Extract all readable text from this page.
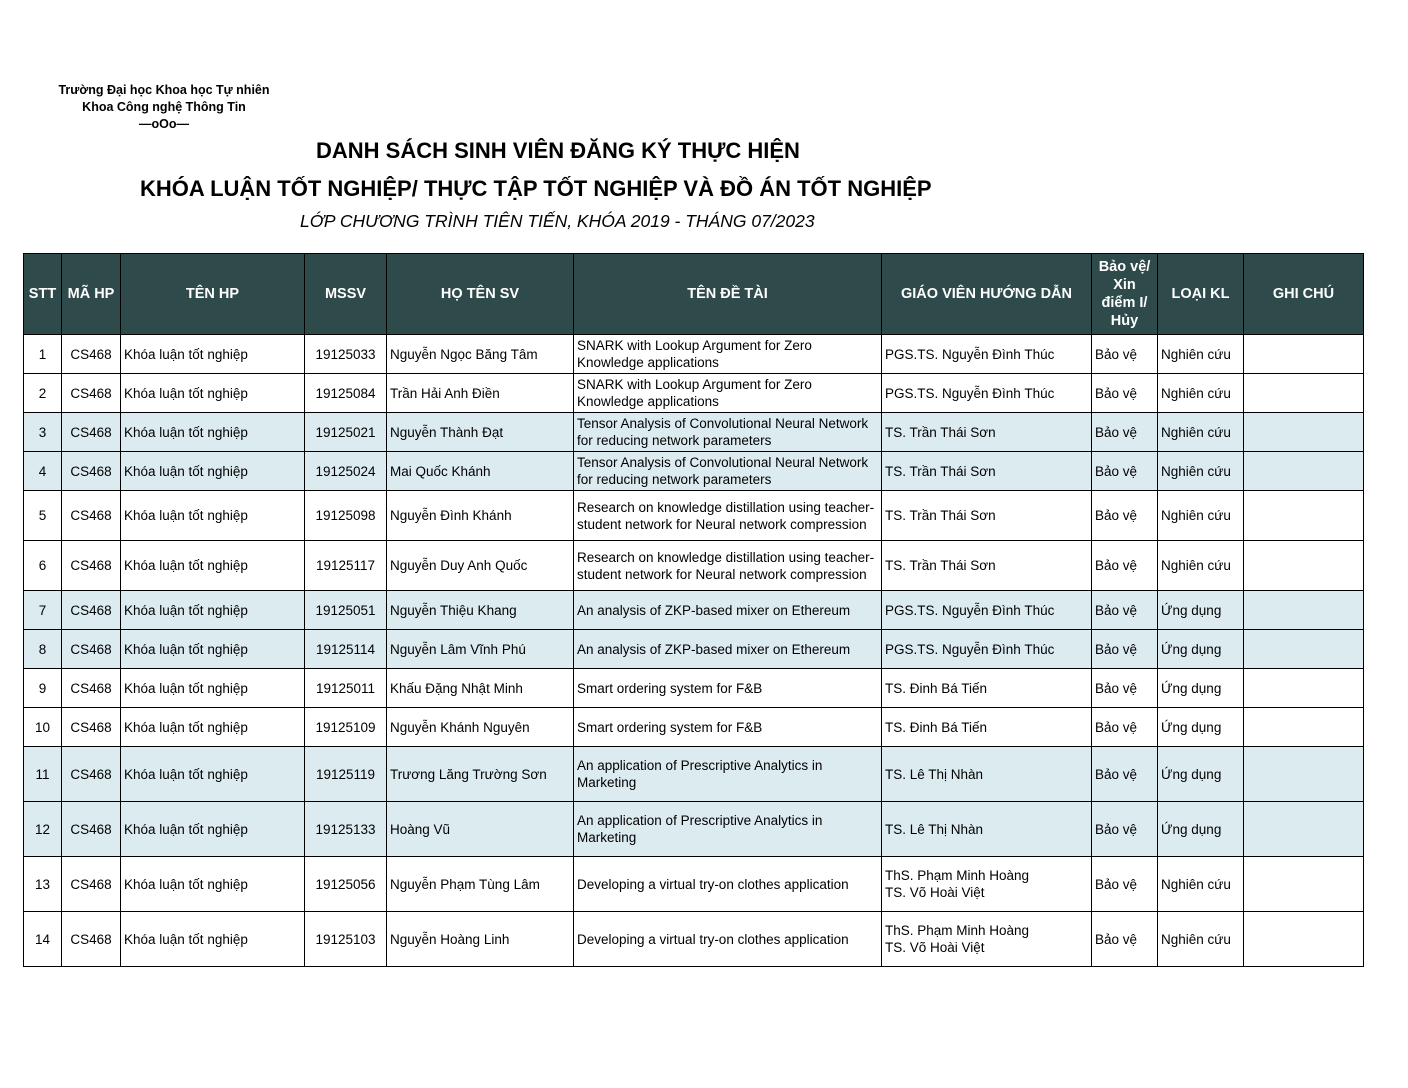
Trường Đại học Khoa học Tự nhiên
Khoa Công nghệ Thông Tin
—oOo—
DANH SÁCH SINH VIÊN ĐĂNG KÝ THỰC HIỆN
KHÓA LUẬN TỐT NGHIỆP/ THỰC TẬP TỐT NGHIỆP VÀ ĐỒ ÁN TỐT NGHIỆP
LỚP CHƯƠNG TRÌNH TIÊN TIẾN, KHÓA 2019 - THÁNG 07/2023
STT	MÃ HP	TÊN HP	MSSV	HỌ TÊN SV	TÊN ĐỀ TÀI	GIÁO VIÊN HƯỚNG DẪN	Bảo vệ/ Xin điểm I/ Hủy	LOẠI KL	GHI CHÚ
1	CS468	Khóa luận tốt nghiệp	19125033	Nguyễn Ngọc Băng Tâm	SNARK with Lookup Argument for Zero Knowledge applications	PGS.TS. Nguyễn Đình Thúc	Bảo vệ	Nghiên cứu	
2	CS468	Khóa luận tốt nghiệp	19125084	Trần Hải Anh Điền	SNARK with Lookup Argument for Zero Knowledge applications	PGS.TS. Nguyễn Đình Thúc	Bảo vệ	Nghiên cứu	
3	CS468	Khóa luận tốt nghiệp	19125021	Nguyễn Thành Đạt	Tensor Analysis of Convolutional Neural Network for reducing network parameters	TS. Trần Thái Sơn	Bảo vệ	Nghiên cứu	
4	CS468	Khóa luận tốt nghiệp	19125024	Mai Quốc Khánh	Tensor Analysis of Convolutional Neural Network for reducing network parameters	TS. Trần Thái Sơn	Bảo vệ	Nghiên cứu	
5	CS468	Khóa luận tốt nghiệp	19125098	Nguyễn Đình Khánh	Research on knowledge distillation using teacher-student network for Neural network compression	TS. Trần Thái Sơn	Bảo vệ	Nghiên cứu	
6	CS468	Khóa luận tốt nghiệp	19125117	Nguyễn Duy Anh Quốc	Research on knowledge distillation using teacher-student network for Neural network compression	TS. Trần Thái Sơn	Bảo vệ	Nghiên cứu	
7	CS468	Khóa luận tốt nghiệp	19125051	Nguyễn Thiệu Khang	An analysis of ZKP-based mixer on Ethereum	PGS.TS. Nguyễn Đình Thúc	Bảo vệ	Ứng dụng	
8	CS468	Khóa luận tốt nghiệp	19125114	Nguyễn Lâm Vĩnh Phú	An analysis of ZKP-based mixer on Ethereum	PGS.TS. Nguyễn Đình Thúc	Bảo vệ	Ứng dụng	
9	CS468	Khóa luận tốt nghiệp	19125011	Khấu Đặng Nhật Minh	Smart ordering system for F&B	TS. Đinh Bá Tiến	Bảo vệ	Ứng dụng	
10	CS468	Khóa luận tốt nghiệp	19125109	Nguyễn Khánh Nguyên	Smart ordering system for F&B	TS. Đinh Bá Tiến	Bảo vệ	Ứng dụng	
11	CS468	Khóa luận tốt nghiệp	19125119	Trương Lăng Trường Sơn	An application of Prescriptive Analytics in Marketing	TS. Lê Thị Nhàn	Bảo vệ	Ứng dụng	
12	CS468	Khóa luận tốt nghiệp	19125133	Hoàng Vũ	An application of Prescriptive Analytics in Marketing	TS. Lê Thị Nhàn	Bảo vệ	Ứng dụng	
13	CS468	Khóa luận tốt nghiệp	19125056	Nguyễn Phạm Tùng Lâm	Developing a virtual try-on clothes application	ThS. Phạm Minh Hoàng
TS. Võ Hoài Việt	Bảo vệ	Nghiên cứu	
14	CS468	Khóa luận tốt nghiệp	19125103	Nguyễn Hoàng Linh	Developing a virtual try-on clothes application	ThS. Phạm Minh Hoàng
TS. Võ Hoài Việt	Bảo vệ	Nghiên cứu	
